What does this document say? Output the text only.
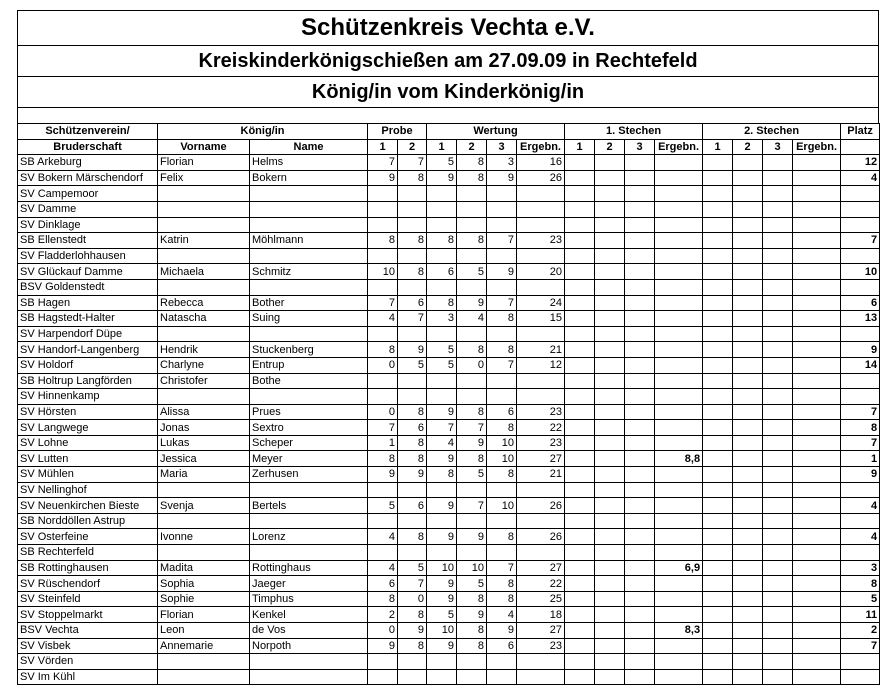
Schützenkreis Vechta e.V.
Kreiskinderkönigschießen am 27.09.09 in Rechtefeld
König/in vom Kinderkönig/in
Schützenverein/	König/in		Probe		Wertung				1. Stechen				2. Stechen				Platz
Bruderschaft	Vorname	Name	1	2	1	2	3	Ergebn.	1	2	3	Ergebn.	1	2	3	Ergebn.	
SB Arkeburg	Florian	Helms	7	7	5	8	3	16									12
SV Bokern Märschendorf	Felix	Bokern	9	8	9	8	9	26									4
SV Campemoor																	
SV Damme																	
SV Dinklage																	
SB Ellenstedt	Katrin	Möhlmann	8	8	8	8	7	23									7
SV Fladderlohhausen																	
SV Glückauf Damme	Michaela	Schmitz	10	8	6	5	9	20									10
BSV Goldenstedt																	
SB Hagen	Rebecca	Bother	7	6	8	9	7	24									6
SB Hagstedt-Halter	Natascha	Suing	4	7	3	4	8	15									13
SV Harpendorf Düpe																	
SV Handorf-Langenberg	Hendrik	Stuckenberg	8	9	5	8	8	21									9
SV Holdorf	Charlyne	Entrup	0	5	5	0	7	12									14
SB Holtrup Langförden	Christofer	Bothe															
SV Hinnenkamp																	
SV Hörsten	Alissa	Prues	0	8	9	8	6	23									7
SV Langwege	Jonas	Sextro	7	6	7	7	8	22									8
SV Lohne	Lukas	Scheper	1	8	4	9	10	23									7
SV Lutten	Jessica	Meyer	8	8	9	8	10	27				8,8					1
SV Mühlen	Maria	Zerhusen	9	9	8	5	8	21									9
SV Nellinghof																	
SV Neuenkirchen Bieste	Svenja	Bertels	5	6	9	7	10	26									4
SB Norddöllen Astrup																	
SV Osterfeine	Ivonne	Lorenz	4	8	9	9	8	26									4
SB Rechterfeld																	
SB Rottinghausen	Madita	Rottinghaus	4	5	10	10	7	27				6,9					3
SV Rüschendorf	Sophia	Jaeger	6	7	9	5	8	22									8
SV Steinfeld	Sophie	Timphus	8	0	9	8	8	25									5
SV Stoppelmarkt	Florian	Kenkel	2	8	5	9	4	18									11
BSV Vechta	Leon	de Vos	0	9	10	8	9	27				8,3					2
SV Visbek	Annemarie	Norpoth	9	8	9	8	6	23									7
SV Vörden																	
SV Im Kühl																	
